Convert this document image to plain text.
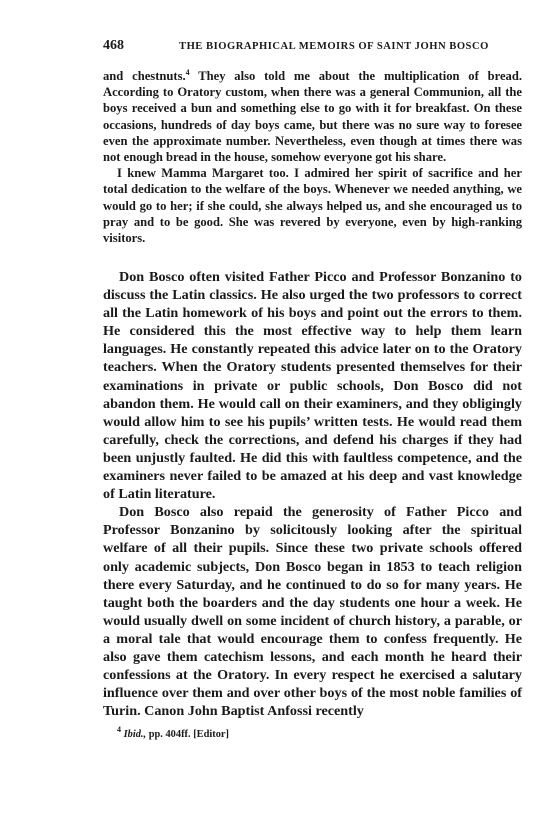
468	THE BIOGRAPHICAL MEMOIRS OF SAINT JOHN BOSCO

and chestnuts.$^4$ They also told me about the multiplication of bread. According to Oratory custom, when there was a general Communion, all the boys received a bun and something else to go with it for breakfast. On these occasions, hundreds of day boys came, but there was no sure way to foresee even the approximate number. Nevertheless, even though at times there was not enough bread in the house, somehow everyone got his share.

I knew Mamma Margaret too. I admired her spirit of sacrifice and her total dedication to the welfare of the boys. Whenever we needed anything, we would go to her; if she could, she always helped us, and she encouraged us to pray and to be good. She was revered by everyone, even by high-ranking visitors.

Don Bosco often visited Father Picco and Professor Bonzanino to discuss the Latin classics. He also urged the two professors to correct all the Latin homework of his boys and point out the errors to them. He considered this the most effective way to help them learn languages. He constantly repeated this advice later on to the Oratory teachers. When the Oratory students presented themselves for their examinations in private or public schools, Don Bosco did not abandon them. He would call on their examiners, and they obligingly would allow him to see his pupils’ written tests. He would read them carefully, check the corrections, and defend his charges if they had been unjustly faulted. He did this with faultless competence, and the examiners never failed to be amazed at his deep and vast knowledge of Latin literature.

Don Bosco also repaid the generosity of Father Picco and Professor Bonzanino by solicitously looking after the spiritual welfare of all their pupils. Since these two private schools offered only academic subjects, Don Bosco began in 1853 to teach religion there every Saturday, and he continued to do so for many years. He taught both the boarders and the day students one hour a week. He would usually dwell on some incident of church history, a parable, or a moral tale that would encourage them to confess frequently. He also gave them catechism lessons, and each month he heard their confessions at the Oratory. In every respect he exercised a salutary influence over them and over other boys of the most noble families of Turin. Canon John Baptist Anfossi recently

$^4$ Ibid., pp. 404ff. [Editor]
